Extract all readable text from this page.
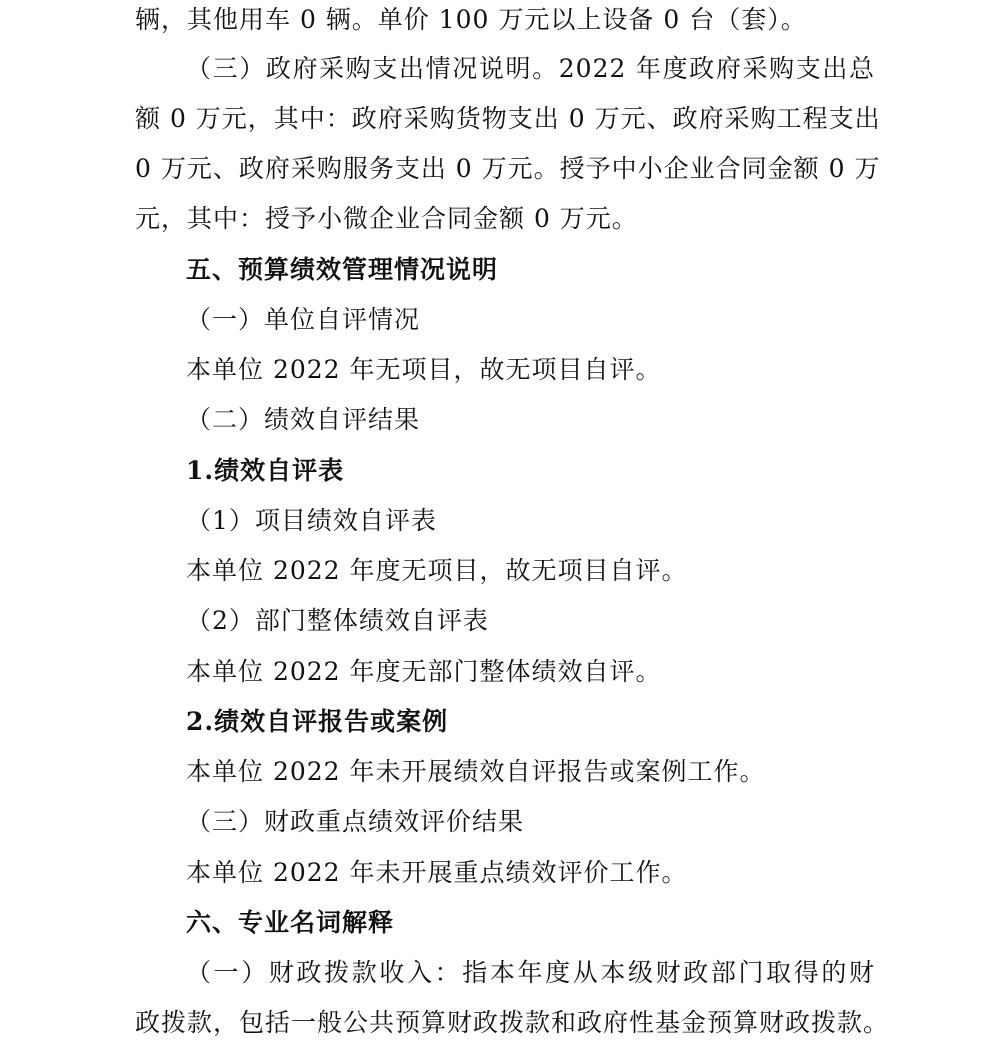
辆，其他用车 0 辆。单价 100 万元以上设备 0 台（套）。
（三）政府采购支出情况说明。2022 年度政府采购支出总
额 0 万元，其中：政府采购货物支出 0 万元、政府采购工程支出
0 万元、政府采购服务支出 0 万元。授予中小企业合同金额 0 万
元，其中：授予小微企业合同金额 0 万元。
五、预算绩效管理情况说明
（一）单位自评情况
本单位 2022 年无项目，故无项目自评。
（二）绩效自评结果
1.绩效自评表
（1）项目绩效自评表
本单位 2022 年度无项目，故无项目自评。
（2）部门整体绩效自评表
本单位 2022 年度无部门整体绩效自评。
2.绩效自评报告或案例
本单位 2022 年未开展绩效自评报告或案例工作。
（三）财政重点绩效评价结果
本单位 2022 年未开展重点绩效评价工作。
六、专业名词解释
（一）财政拨款收入：指本年度从本级财政部门取得的财
政拨款，包括一般公共预算财政拨款和政府性基金预算财政拨款。
